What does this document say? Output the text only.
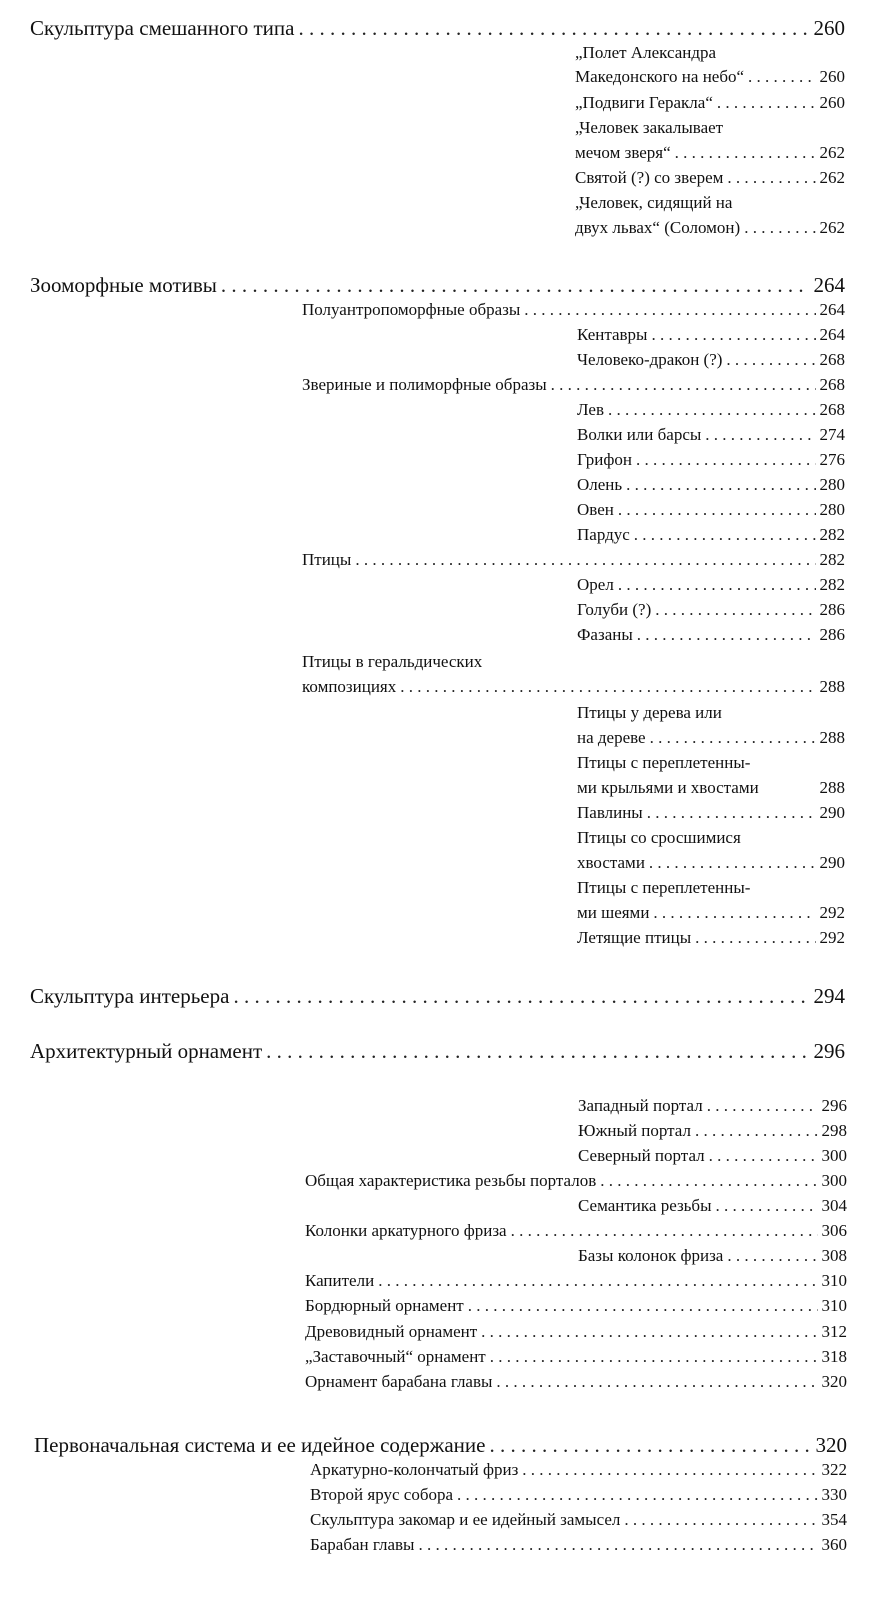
Скульптура смешанного типа . . .	260
„Полет Александра
Македонского на небо“ . . .	260
„Подвиги Геракла“ . . .	260
„Человек закалывает
мечом зверя“ . . .	262
Святой (?) со зверем . . .	262
„Человек, сидящий на
двух львах“ (Соломон) . . .	262
Зооморфные мотивы . . .	264
Полуантропоморфные образы . . .	264
Кентавры . . .	264
Человеко-дракон (?) . . .	268
Звериные и полиморфные образы . . .	268
Лев . . .	268
Волки или барсы . . .	274
Грифон . . .	276
Олень . . .	280
Овен . . .	280
Пардус . . .	282
Птицы . . .	282
Орел . . .	282
Голуби (?) . . .	286
Фазаны . . .	286
Птицы в геральдических
композициях . . .	288
Птицы у дерева или
на дереве . . .	288
Птицы с переплетенны-
ми крыльями и хвостами	288
Павлины . . .	290
Птицы со сросшимися
хвостами . . .	290
Птицы с переплетенны-
ми шеями . . .	292
Летящие птицы . . .	292
Скульптура интерьера . . .	294
Архитектурный орнамент . . .	296
Западный портал . . .	296
Южный портал . . .	298
Северный портал . . .	300
Общая характеристика резьбы порталов . . .	300
Семантика резьбы . . .	304
Колонки аркатурного фриза . . .	306
Базы колонок фриза . . .	308
Капители . . .	310
Бордюрный орнамент . . .	310
Древовидный орнамент . . .	312
„Заставочный“ орнамент . . .	318
Орнамент барабана главы . . .	320
Первоначальная система и ее идейное содержание . . .	320
Аркатурно-колончатый фриз . . .	322
Второй ярус собора . . .	330
Скульптура закомар и ее идейный замысел . . .	354
Барабан главы . . .	360
